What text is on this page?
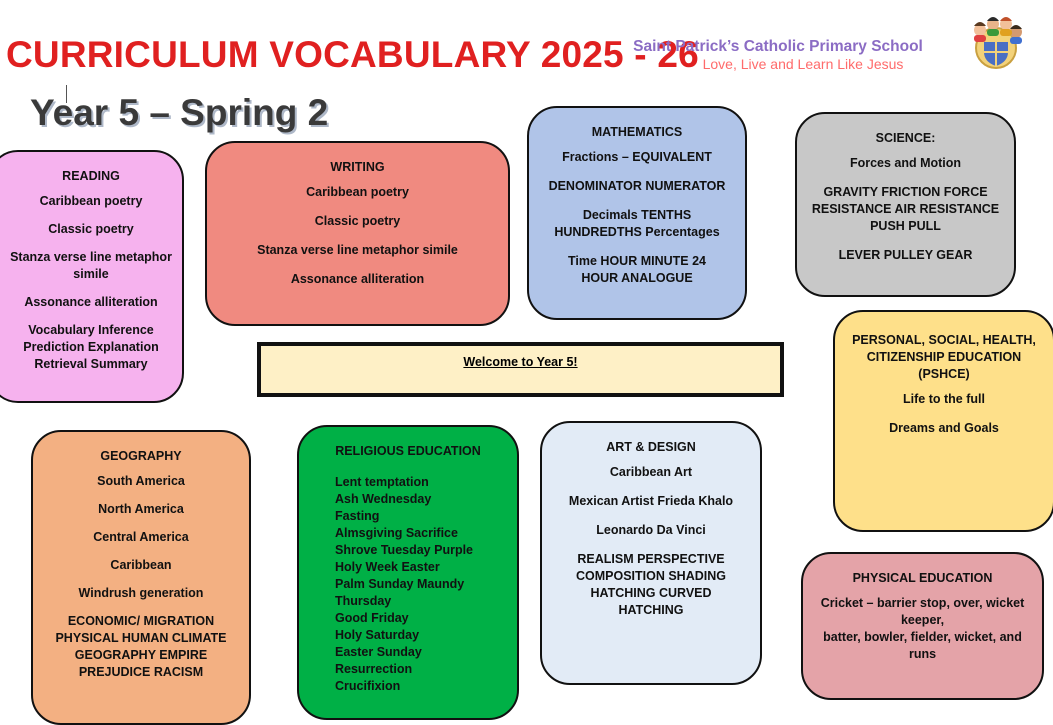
CURRICULUM VOCABULARY 2025 - 26
Saint Patrick’s Catholic Primary School
Love, Live and Learn Like Jesus
Year 5 – Spring 2
READING
Caribbean poetry
Classic poetry
Stanza verse line metaphor simile
Assonance alliteration
Vocabulary Inference
Prediction Explanation
Retrieval Summary
WRITING
Caribbean poetry
Classic poetry
Stanza verse line metaphor simile
Assonance alliteration
MATHEMATICS
Fractions – EQUIVALENT
DENOMINATOR NUMERATOR
Decimals TENTHS
HUNDREDTHS Percentages
Time HOUR MINUTE 24
HOUR ANALOGUE
SCIENCE:
Forces and Motion
GRAVITY FRICTION FORCE
RESISTANCE AIR RESISTANCE
PUSH PULL
LEVER PULLEY GEAR
Welcome to Year 5!
PERSONAL, SOCIAL, HEALTH, CITIZENSHIP EDUCATION (PSHCE)
Life to the full
Dreams and Goals
GEOGRAPHY
South America
North America
Central America
Caribbean
Windrush generation
ECONOMIC/ MIGRATION
PHYSICAL HUMAN CLIMATE
GEOGRAPHY EMPIRE
PREJUDICE RACISM
RELIGIOUS EDUCATION
Lent temptation
Ash Wednesday
Fasting
Almsgiving Sacrifice
Shrove Tuesday Purple
Holy Week Easter
Palm Sunday Maundy
Thursday
Good Friday
Holy Saturday
Easter Sunday
Resurrection
Crucifixion
ART & DESIGN
Caribbean Art
Mexican Artist Frieda Khalo
Leonardo Da Vinci
REALISM PERSPECTIVE
COMPOSITION SHADING
HATCHING CURVED
HATCHING
PHYSICAL EDUCATION
Cricket – barrier stop, over, wicket keeper,
batter, bowler, fielder, wicket, and runs
